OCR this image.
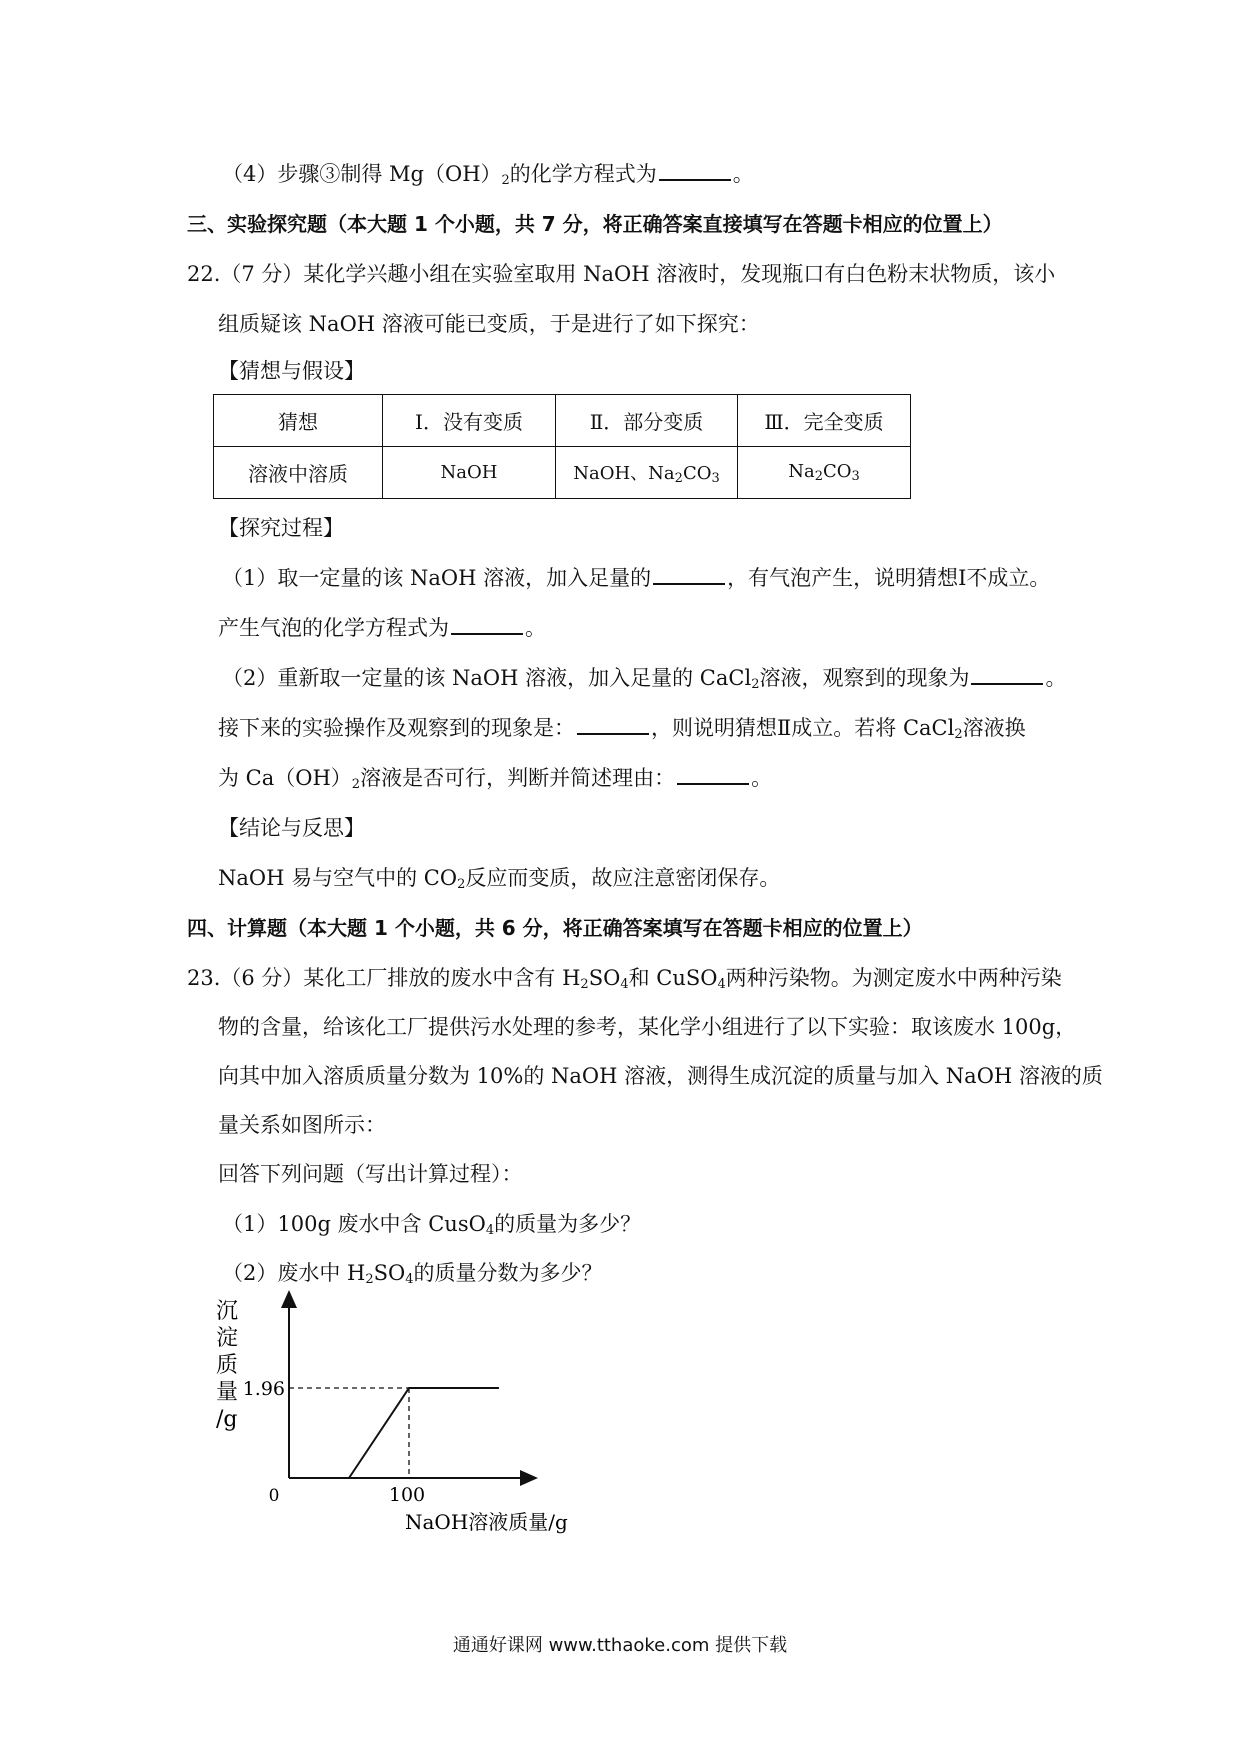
（4）步骤③制得 $Mg(OH)_2$的化学方程式为	。
三、实验探究题（本大题 1 个小题，共 7 分，将正确答案直接填写在答题卡相应的位置上）
22.（7 分）某化学兴趣小组在实验室取用 NaOH 溶液时，发现瓶口有白色粉末状物质，该小
组质疑该 NaOH 溶液可能已变质，于是进行了如下探究：
【猜想与假设】
猜想	Ⅰ．没有变质	Ⅱ．部分变质	Ⅲ．完全变质
溶液中溶质	NaOH	NaOH、$Na_2CO_3$	$Na_2CO_3$
【探究过程】
（1）取一定量的该 NaOH 溶液，加入足量的	，有气泡产生，说明猜想Ⅰ不成立。
产生气泡的化学方程式为	。
（2）重新取一定量的该 NaOH 溶液，加入足量的 CaCl$_2$溶液，观察到的现象为	。
接下来的实验操作及观察到的现象是：	，则说明猜想Ⅱ成立。若将 CaCl$_2$溶液换
为 $Ca(OH)_2$溶液是否可行，判断并简述理由：	。
【结论与反思】
NaOH 易与空气中的 $CO_2$反应而变质，故应注意密闭保存。
四、计算题（本大题 1 个小题，共 6 分，将正确答案填写在答题卡相应的位置上）
23.（6 分）某化工厂排放的废水中含有 $H_2SO_4$和 CuSO$_4$两种污染物。为测定废水中两种污染
物的含量，给该化工厂提供污水处理的参考，某化学小组进行了以下实验：取该废水 100g，
向其中加入溶质质量分数为 10%的 NaOH 溶液，测得生成沉淀的质量与加入 NaOH 溶液的质
量关系如图所示：
回答下列问题（写出计算过程）：
（1）100g 废水中含 CusO$_4$的质量为多少？
（2）废水中 $H_2SO_4$的质量分数为多少？
沉
淀
质
量
/g
0
1.96
100
NaOH溶液质量/g
通通好课网 www.tthaoke.com 提供下载
